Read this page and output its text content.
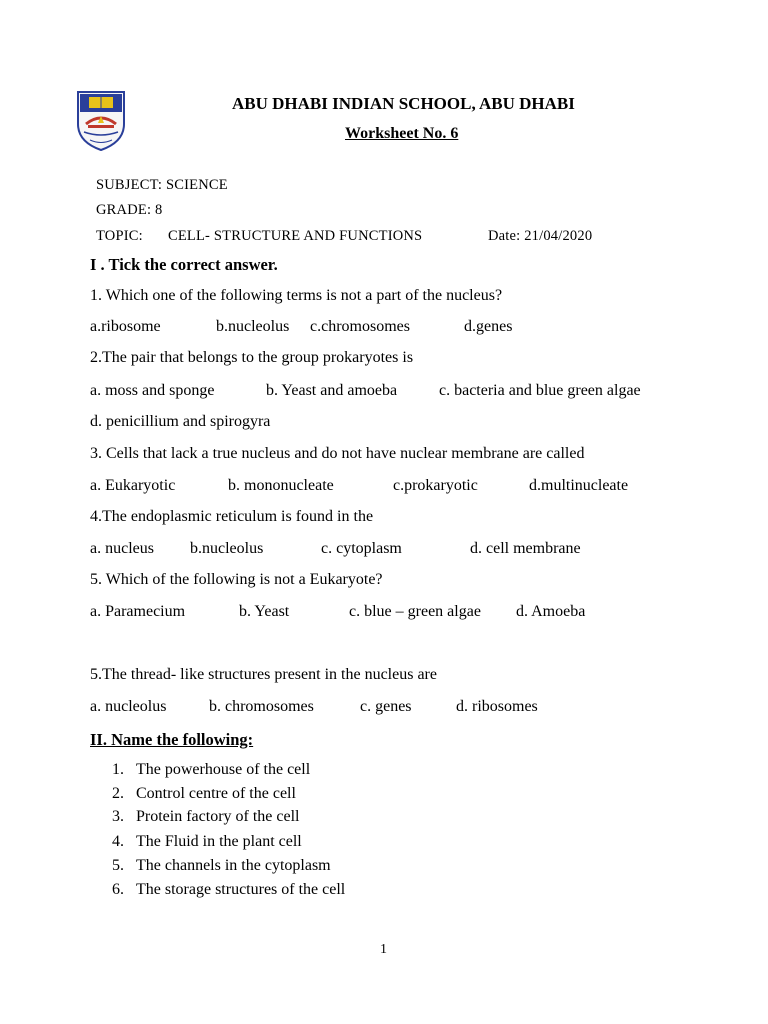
ABU DHABI INDIAN SCHOOL, ABU DHABI
Worksheet No. 6
SUBJECT: SCIENCE
GRADE: 8
TOPIC: CELL- STRUCTURE AND FUNCTIONS	Date: 21/04/2020
I . Tick the correct answer.
1. Which one of the following terms is not a part of the nucleus?
a.ribosome	b.nucleolus c.chromosomes	d.genes
2.The pair that belongs to the group prokaryotes is
a. moss and sponge	b. Yeast and amoeba	c. bacteria and blue green algae
d. penicillium and spirogyra
3. Cells that lack a true nucleus and do not have nuclear membrane are called
a. Eukaryotic	b. mononucleate	c.prokaryotic	d.multinucleate
4.The endoplasmic reticulum is found in the
a. nucleus b.nucleolus	c. cytoplasm	d. cell membrane
5. Which of the following is not a Eukaryote?
a. Paramecium	b. Yeast	c. blue – green algae d. Amoeba
5.The thread- like structures present in the nucleus are
a. nucleolus	b. chromosomes	c. genes	d. ribosomes
II. Name the following:
1. The powerhouse of the cell
2. Control centre of the cell
3. Protein factory of the cell
4. The Fluid in the plant cell
5. The channels in the cytoplasm
6. The storage structures of the cell
1
